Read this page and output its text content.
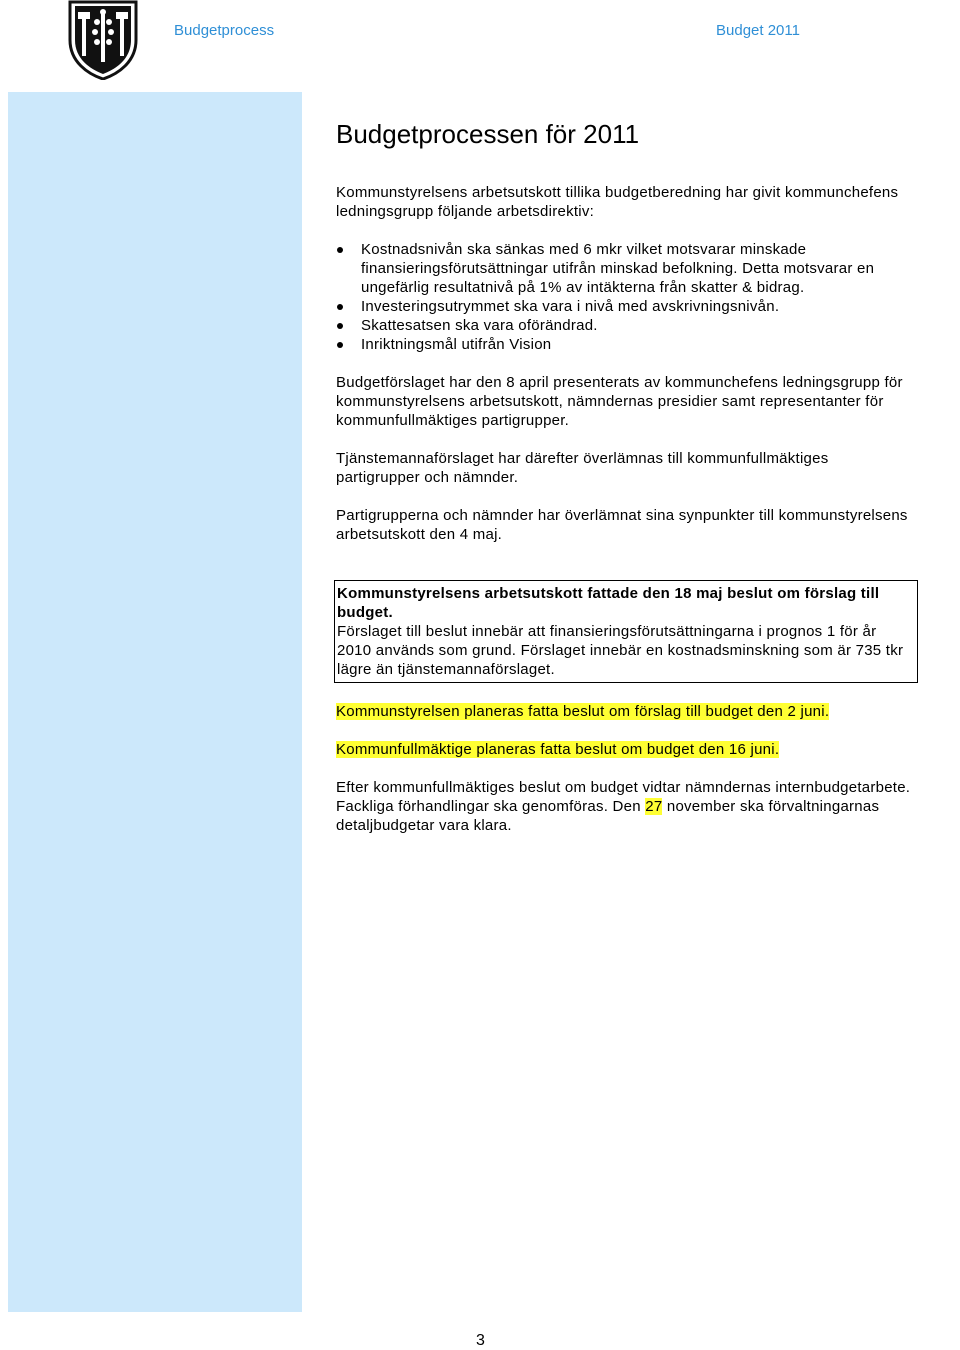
Budgetprocess	Budget 2011
Budgetprocessen för 2011

Kommunstyrelsens arbetsutskott tillika budgetberedning har givit kommunchefens ledningsgrupp följande arbetsdirektiv:

Kostnadsnivån ska sänkas med 6 mkr vilket motsvarar minskade finansieringsförutsättningar utifrån minskad befolkning. Detta motsvarar en ungefärlig resultatnivå på 1% av intäkterna från skatter & bidrag.
Investeringsutrymmet ska vara i nivå med avskrivningsnivån.
Skattesatsen ska vara oförändrad.
Inriktningsmål utifrån Vision

Budgetförslaget har den 8 april presenterats av kommunchefens ledningsgrupp för kommunstyrelsens arbetsutskott, nämndernas presidier samt representanter för kommunfullmäktiges partigrupper.

Tjänstemannaförslaget har därefter överlämnas till kommunfullmäktiges partigrupper och nämnder.

Partigrupperna och nämnder har överlämnat sina synpunkter till kommunstyrelsens arbetsutskott den 4 maj.

Kommunstyrelsens arbetsutskott fattade den 18 maj beslut om förslag till budget.
Förslaget till beslut innebär att finansieringsförutsättningarna i prognos 1 för år 2010 används som grund. Förslaget innebär en kostnadsminskning som är 735 tkr lägre än tjänstemannaförslaget.

Kommunstyrelsen planeras fatta beslut om förslag till budget den 2 juni.

Kommunfullmäktige planeras fatta beslut om budget den 16 juni.

Efter kommunfullmäktiges beslut om budget vidtar nämndernas internbudgetarbete. Fackliga förhandlingar ska genomföras. Den 27 november ska förvaltningarnas detaljbudgetar vara klara.

3
